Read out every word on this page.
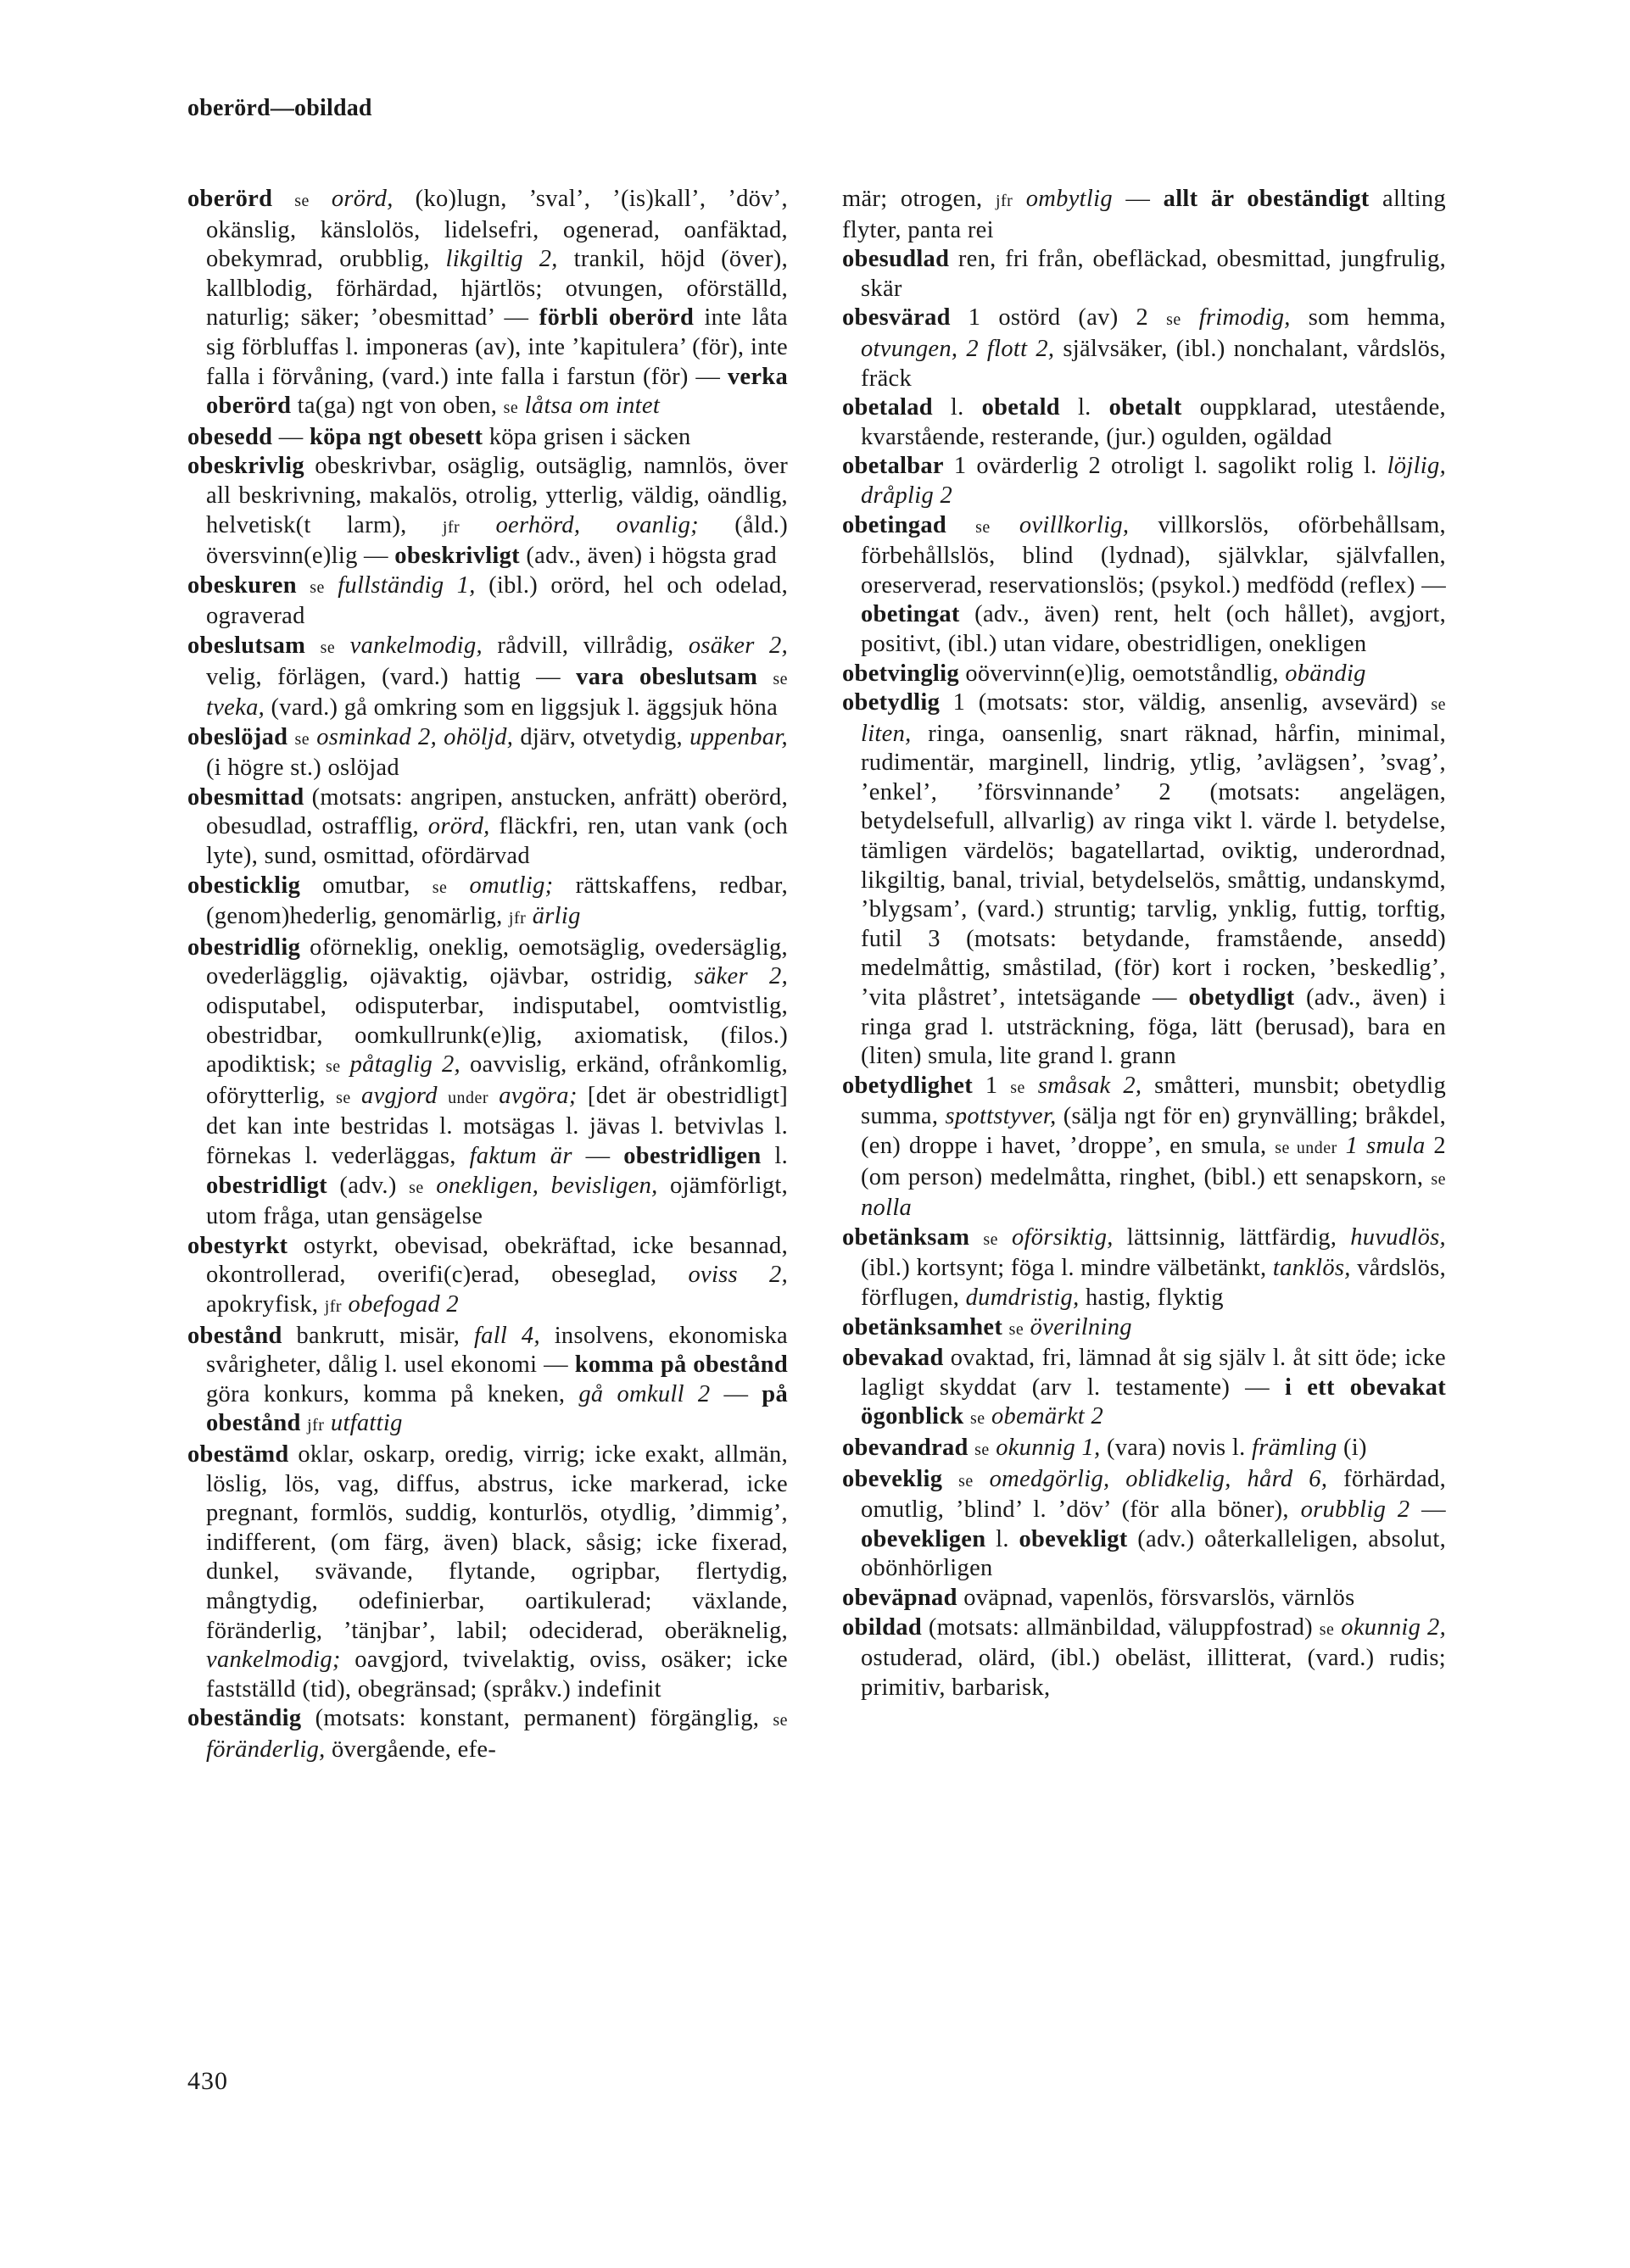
oberörd—obildad

oberörd se orörd, (ko)lugn, ’sval’, ’(is)kall’, ’döv’, okänslig, känslolös, lidelsefri, ogenerad, oanfäktad, obekymrad, orubblig, likgiltig 2, trankil, höjd (över), kallblodig, förhärdad, hjärtlös; otvungen, oförställd, naturlig; säker; ’obesmittad’ — förbli oberörd inte låta sig förbluffas l. imponeras (av), inte ’kapitulera’ (för), inte falla i förvåning, (vard.) inte falla i farstun (för) — verka oberörd ta(ga) ngt von oben, se låtsa om intet

obesedd — köpa ngt obesett köpa grisen i säcken

obeskrivlig obeskrivbar, osäglig, outsäglig, namnlös, över all beskrivning, makalös, otrolig, ytterlig, väldig, oändlig, helvetisk(t larm), jfr oerhörd, ovanlig; (åld.) översvinn(e)lig — obeskrivligt (adv., även) i högsta grad

obeskuren se fullständig 1, (ibl.) orörd, hel och odelad, ograverad

obeslutsam se vankelmodig, rådvill, villrådig, osäker 2, velig, förlägen, (vard.) hattig — vara obeslutsam se tveka, (vard.) gå omkring som en liggsjuk l. äggsjuk höna

obeslöjad se osminkad 2, ohöljd, djärv, otvetydig, uppenbar, (i högre st.) oslöjad

obesmittad (motsats: angripen, anstucken, anfrätt) oberörd, obesudlad, ostrafflig, orörd, fläckfri, ren, utan vank (och lyte), sund, osmittad, ofördärvad

obesticklig omutbar, se omutlig; rättskaffens, redbar, (genom)hederlig, genomärlig, jfr ärlig

obestridlig oförneklig, oneklig, oemotsäglig, ovedersäglig, ovederlägglig, ojävaktig, ojävbar, ostridig, säker 2, odisputabel, odisputerbar, indisputabel, oomtvistlig, obestridbar, oomkullrunk(e)lig, axiomatisk, (filos.) apodiktisk; se påtaglig 2, oavvislig, erkänd, ofrånkomlig, oförytterlig, se avgjord under avgöra; [det är obestridligt] det kan inte bestridas l. motsägas l. jävas l. betvivlas l. förnekas l. vederläggas, faktum är — obestridligen l. obestridligt (adv.) se onekligen, bevisligen, ojämförligt, utom fråga, utan gensägelse

obestyrkt ostyrkt, obevisad, obekräftad, icke besannad, okontrollerad, overifi(c)erad, obeseglad, oviss 2, apokryfisk, jfr obefogad 2

obestånd bankrutt, misär, fall 4, insolvens, ekonomiska svårigheter, dålig l. usel ekonomi — komma på obestånd göra konkurs, komma på kneken, gå omkull 2 — på obestånd jfr utfattig

obestämd oklar, oskarp, oredig, virrig; icke exakt, allmän, löslig, lös, vag, diffus, abstrus, icke markerad, icke pregnant, formlös, suddig, konturlös, otydlig, ’dimmig’, indifferent, (om färg, även) black, såsig; icke fixerad, dunkel, svävande, flytande, ogripbar, flertydig, mångtydig, odefinierbar, oartikulerad; växlande, föränderlig, ’tänjbar’, labil; odeciderad, oberäknelig, vankelmodig; oavgjord, tvivelaktig, oviss, osäker; icke fastställd (tid), obegränsad; (språkv.) indefinit

obeständig (motsats: konstant, permanent) förgänglig, se föränderlig, övergående, efe-

mär; otrogen, jfr ombytlig — allt är obeständigt allting flyter, panta rei

obesudlad ren, fri från, obefläckad, obesmittad, jungfrulig, skär

obesvärad 1 ostörd (av) 2 se frimodig, som hemma, otvungen, 2 flott 2, självsäker, (ibl.) nonchalant, vårdslös, fräck

obetalad l. obetald l. obetalt ouppklarad, utestående, kvarstående, resterande, (jur.) ogulden, ogäldad

obetalbar 1 ovärderlig 2 otroligt l. sagolikt rolig l. löjlig, dråplig 2

obetingad se ovillkorlig, villkorslös, oförbehållsam, förbehållslös, blind (lydnad), självklar, självfallen, oreserverad, reservationslös; (psykol.) medfödd (reflex) — obetingat (adv., även) rent, helt (och hållet), avgjort, positivt, (ibl.) utan vidare, obestridligen, onekligen

obetvinglig oövervinn(e)lig, oemotståndlig, obändig

obetydlig 1 (motsats: stor, väldig, ansenlig, avsevärd) se liten, ringa, oansenlig, snart räknad, hårfin, minimal, rudimentär, marginell, lindrig, ytlig, ’avlägsen’, ’svag’, ’enkel’, ’försvinnande’ 2 (motsats: angelägen, betydelsefull, allvarlig) av ringa vikt l. värde l. betydelse, tämligen värdelös; bagatellartad, oviktig, underordnad, likgiltig, banal, trivial, betydelselös, småttig, undanskymd, ’blygsam’, (vard.) struntig; tarvlig, ynklig, futtig, torftig, futil 3 (motsats: betydande, framstående, ansedd) medelmåttig, småstilad, (för) kort i rocken, ’beskedlig’, ’vita plåstret’, intetsägande — obetydligt (adv., även) i ringa grad l. utsträckning, föga, lätt (berusad), bara en (liten) smula, lite grand l. grann

obetydlighet 1 se småsak 2, småtteri, munsbit; obetydlig summa, spottstyver, (sälja ngt för en) grynvälling; bråkdel, (en) droppe i havet, ’droppe’, en smula, se under 1 smula 2 (om person) medelmåtta, ringhet, (bibl.) ett senapskorn, se nolla

obetänksam se oförsiktig, lättsinnig, lättfärdig, huvudlös, (ibl.) kortsynt; föga l. mindre välbetänkt, tanklös, vårdslös, förflugen, dumdristig, hastig, flyktig

obetänksamhet se överilning

obevakad ovaktad, fri, lämnad åt sig själv l. åt sitt öde; icke lagligt skyddat (arv l. testamente) — i ett obevakat ögonblick se obemärkt 2

obevandrad se okunnig 1, (vara) novis l. främling (i)

obeveklig se omedgörlig, oblidkelig, hård 6, förhärdad, omutlig, ’blind’ l. ’döv’ (för alla böner), orubblig 2 — obevekligen l. obevekligt (adv.) oåterkalleligen, absolut, obönhörligen

obeväpnad oväpnad, vapenlös, försvarslös, värnlös

obildad (motsats: allmänbildad, väluppfostrad) se okunnig 2, ostuderad, olärd, (ibl.) obeläst, illitterat, (vard.) rudis; primitiv, barbarisk,

430
